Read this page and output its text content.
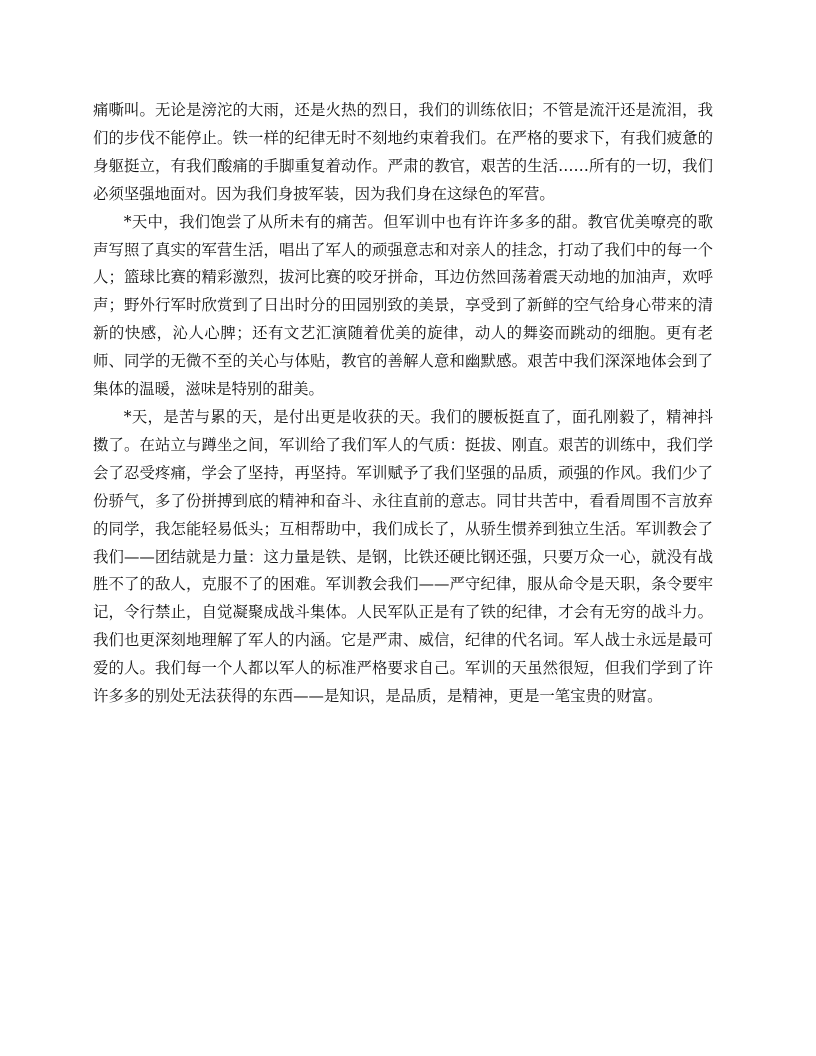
痛嘶叫。无论是滂沱的大雨，还是火热的烈日，我们的训练依旧；不管是流汗还是流泪，我们的步伐不能停止。铁一样的纪律无时不刻地约束着我们。在严格的要求下，有我们疲惫的身躯挺立，有我们酸痛的手脚重复着动作。严肃的教官，艰苦的生活……所有的一切，我们必须坚强地面对。因为我们身披军装，因为我们身在这绿色的军营。

*天中，我们饱尝了从所未有的痛苦。但军训中也有许许多多的甜。教官优美嘹亮的歌声写照了真实的军营生活，唱出了军人的顽强意志和对亲人的挂念，打动了我们中的每一个人；篮球比赛的精彩激烈，拔河比赛的咬牙拼命，耳边仿然回荡着震天动地的加油声，欢呼声；野外行军时欣赏到了日出时分的田园别致的美景，享受到了新鲜的空气给身心带来的清新的快感，沁人心脾；还有文艺汇演随着优美的旋律，动人的舞姿而跳动的细胞。更有老师、同学的无微不至的关心与体贴，教官的善解人意和幽默感。艰苦中我们深深地体会到了集体的温暖，滋味是特别的甜美。

*天，是苦与累的天，是付出更是收获的天。我们的腰板挺直了，面孔刚毅了，精神抖擞了。在站立与蹲坐之间，军训给了我们军人的气质：挺拔、刚直。艰苦的训练中，我们学会了忍受疼痛，学会了坚持，再坚持。军训赋予了我们坚强的品质，顽强的作风。我们少了份骄气，多了份拼搏到底的精神和奋斗、永往直前的意志。同甘共苦中，看看周围不言放弃的同学，我怎能轻易低头；互相帮助中，我们成长了，从骄生惯养到独立生活。军训教会了我们——团结就是力量：这力量是铁、是钢，比铁还硬比钢还强，只要万众一心，就没有战胜不了的敌人，克服不了的困难。军训教会我们——严守纪律，服从命令是天职，条令要牢记，令行禁止，自觉凝聚成战斗集体。人民军队正是有了铁的纪律，才会有无穷的战斗力。我们也更深刻地理解了军人的内涵。它是严肃、威信，纪律的代名词。军人战士永远是最可爱的人。我们每一个人都以军人的标准严格要求自己。军训的天虽然很短，但我们学到了许许多多的别处无法获得的东西——是知识，是品质，是精神，更是一笔宝贵的财富。
